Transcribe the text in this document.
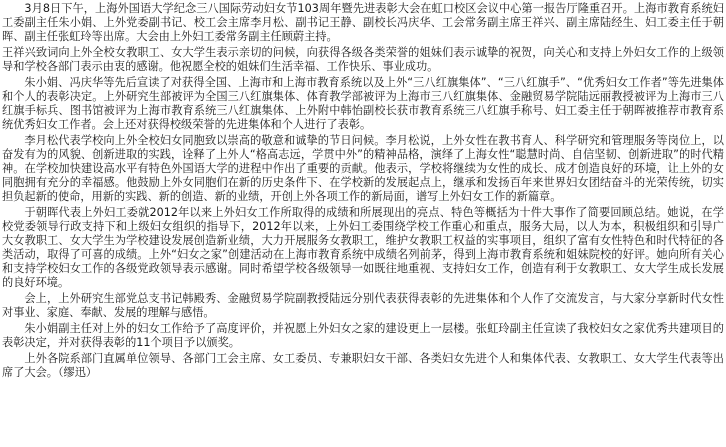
3月8日下午，上海外国语大学纪念三八国际劳动妇女节103周年暨先进表彰大会在虹口校区会议中心第一报告厅隆重召开。上海市教育系统妇工委副主任朱小娟、上外党委副书记、校工会主席李月松、副书记王静、副校长冯庆华、工会常务副主席王祥兴、副主席陆经生、妇工委主任于朝晖、副主任张虹玲等出席。大会由上外妇工委常务副主任顾蔚主持。

王祥兴致词向上外全校女教职工、女大学生表示亲切的问候，向获得各级各类荣誉的姐妹们表示诚挚的祝贺，向关心和支持上外妇女工作的上级领导和学校各部门表示由衷的感谢。他祝愿全校的姐妹们生活幸福、工作快乐、事业成功。

朱小娟、冯庆华等先后宣读了对获得全国、上海市和上海市教育系统以及上外“三八红旗集体”、“三八红旗手”、“优秀妇女工作者”等先进集体和个人的表彰决定。上外研究生部被评为全国三八红旗集体、体育教学部被评为上海市三八红旗集体、金融贸易学院陆远丽教授被评为上海市三八红旗手标兵、图书馆被评为上海市教育系统三八红旗集体、上外附中韩怡副校长获市教育系统三八红旗手称号、妇工委主任于朝晖被推荐市教育系统优秀妇女工作者。会上还对获得校级荣誉的先进集体和个人进行了表彰。

李月松代表学校向上外全校妇女同胞致以崇高的敬意和诚挚的节日问候。李月松说，上外女性在教书育人、科学研究和管理服务等岗位上，以奋发有为的风貌、创新进取的实践，诠释了上外人“格高志远，学贯中外”的精神品格，演绎了上海女性“聪慧时尚、自信坚韧、创新进取”的时代精神。在学校加快建设高水平有特色外国语大学的进程中作出了重要的贡献。他表示，学校将继续为女性的成长、成才创造良好的环境，让上外的女同胞拥有充分的幸福感。他鼓励上外女同胞们在新的历史条件下、在学校新的发展起点上，继承和发扬百年来世界妇女团结奋斗的光荣传统，切实担负起新的使命，用新的实践、新的创造、新的业绩，开创上外各项工作的新局面，谱写上外妇女工作的新篇章。

于朝晖代表上外妇工委就2012年以来上外妇女工作所取得的成绩和所展现出的亮点、特色等概括为十件大事作了简要回顾总结。她说，在学校党委领导行政支持下和上级妇女组织的指导下，2012年以来，上外妇工委围绕学校工作重心和重点，服务大局，以人为本，积极组织和引导广大女教职工、女大学生为学校建设发展创造新业绩，大力开展服务女教职工，维护女教职工权益的实事项目，组织了富有女性特色和时代特征的各类活动，取得了可喜的成绩。上外“妇女之家”创建活动在上海市教育系统中成绩名列前茅，得到上海市教育系统和姐妹院校的好评。她向所有关心和支持学校妇女工作的各级党政领导表示感谢。同时希望学校各级领导一如既往地重视、支持妇女工作，创造有利于女教职工、女大学生成长发展的良好环境。

会上，上外研究生部党总支书记韩殿秀、金融贸易学院副教授陆远分别代表获得表彰的先进集体和个人作了交流发言，与大家分享新时代女性对事业、家庭、奉献、发展的理解与感悟。

朱小娟副主任对上外的妇女工作给予了高度评价，并祝愿上外妇女之家的建设更上一层楼。张虹玲副主任宣读了我校妇女之家优秀共建项目的表彰决定，并对获得表彰的11个项目予以颁奖。

上外各院系部门直属单位领导、各部门工会主席、女工委员、专兼职妇女干部、各类妇女先进个人和集体代表、女教职工、女大学生代表等出席了大会。（缪迅）
